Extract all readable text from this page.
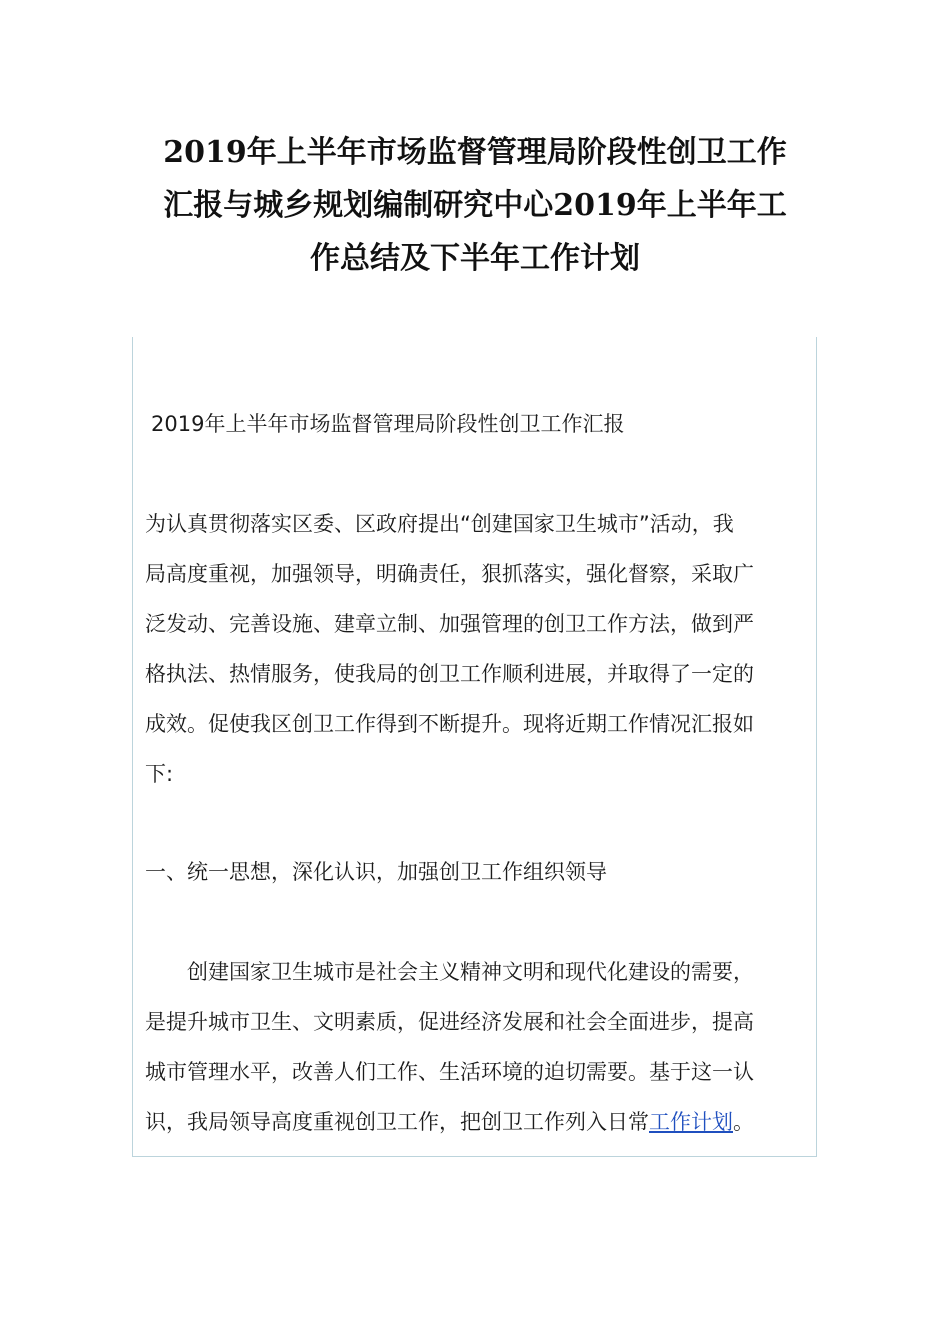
2019年上半年市场监督管理局阶段性创卫工作
汇报与城乡规划编制研究中心2019年上半年工
作总结及下半年工作计划
2019年上半年市场监督管理局阶段性创卫工作汇报
为认真贯彻落实区委、区政府提出“创建国家卫生城市”活动，我
局高度重视，加强领导，明确责任，狠抓落实，强化督察，采取广
泛发动、完善设施、建章立制、加强管理的创卫工作方法，做到严
格执法、热情服务，使我局的创卫工作顺利进展，并取得了一定的
成效。促使我区创卫工作得到不断提升。现将近期工作情况汇报如
下:
一、统一思想，深化认识，加强创卫工作组织领导
创建国家卫生城市是社会主义精神文明和现代化建设的需要，
是提升城市卫生、文明素质，促进经济发展和社会全面进步，提高
城市管理水平，改善人们工作、生活环境的迫切需要。基于这一认
识，我局领导高度重视创卫工作，把创卫工作列入日常工作计划。
